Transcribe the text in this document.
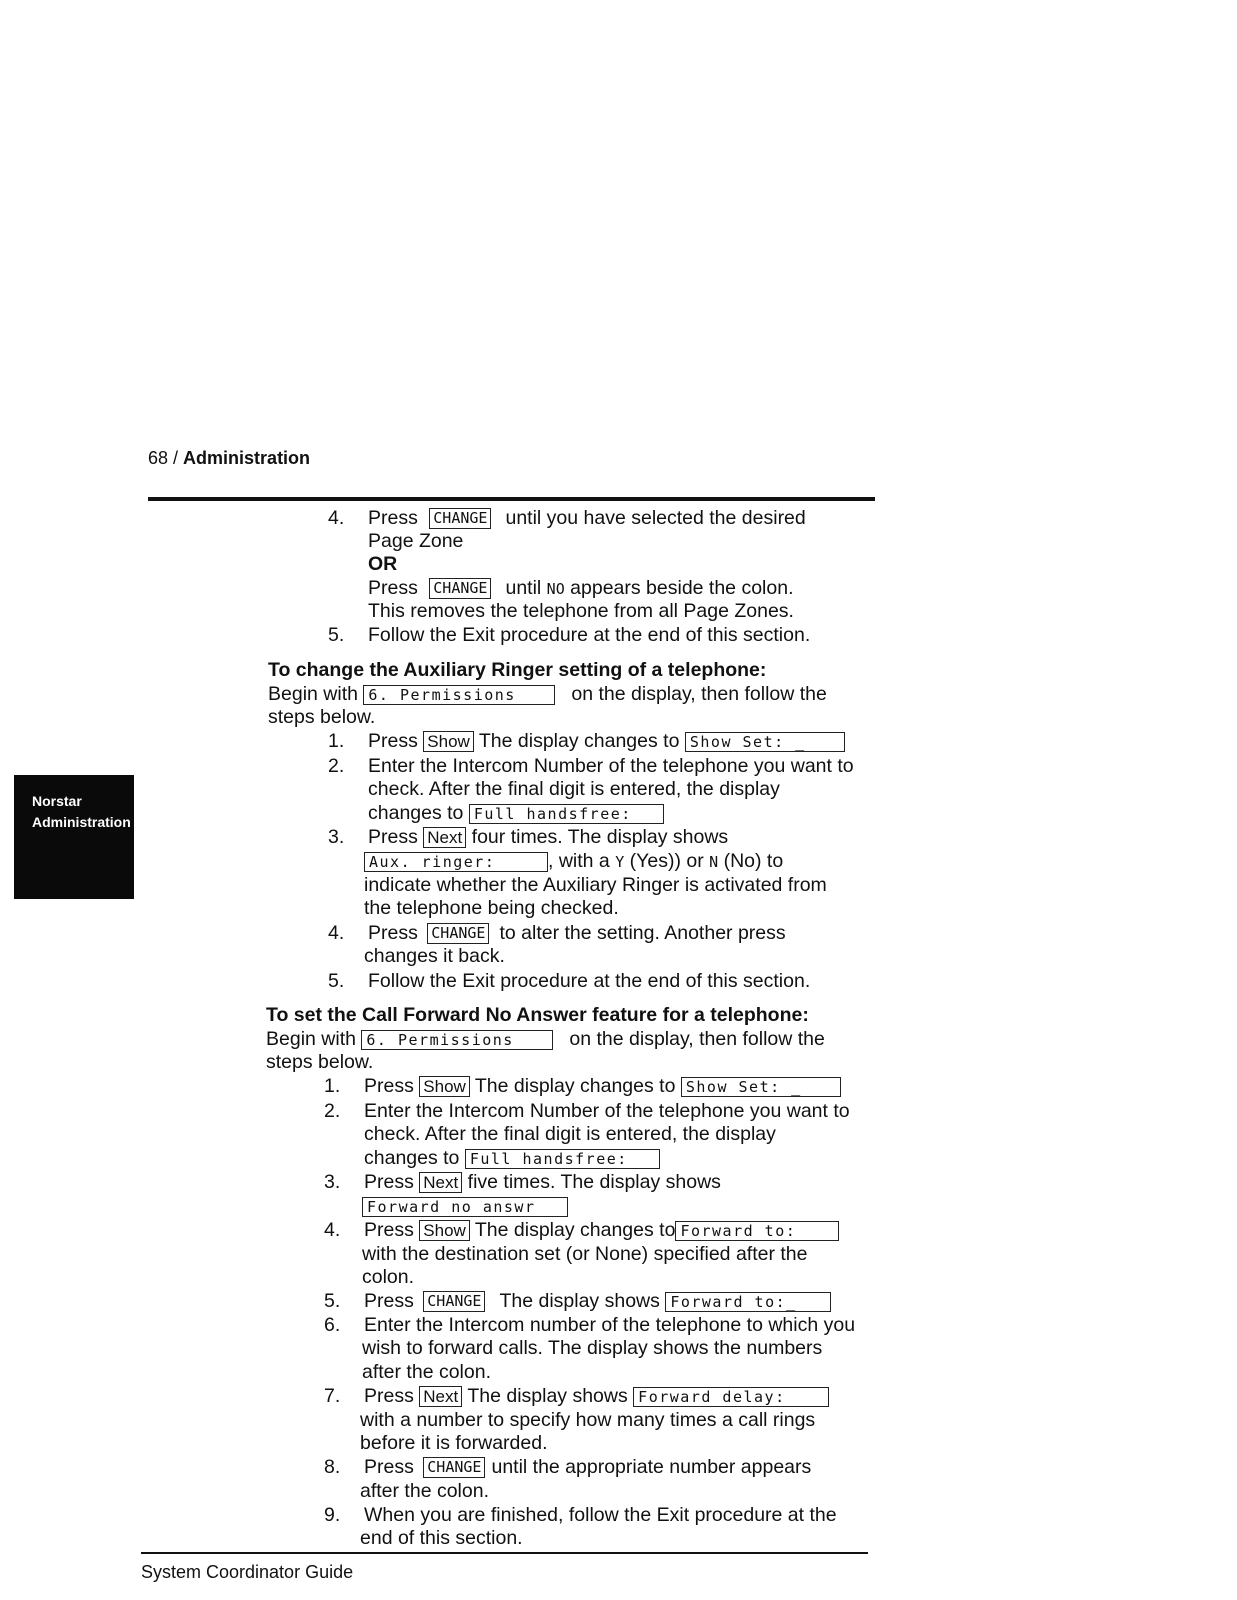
68 / Administration
Norstar
Administration
4. Press CHANGE until you have selected the desired
Page Zone
OR
Press CHANGE until NO appears beside the colon.
This removes the telephone from all Page Zones.
5. Follow the Exit procedure at the end of this section.
To change the Auxiliary Ringer setting of a telephone:
Begin with 6. Permissions	on the display, then follow the
steps below.
1. Press Show The display changes to Show Set: _
2. Enter the Intercom Number of the telephone you want to
check. After the final digit is entered, the display
changes to Full handsfree:
3. Press Next four times. The display shows
Aux. ringer:	, with a Y (Yes)) or N (No) to
indicate whether the Auxiliary Ringer is activated from
the telephone being checked.
4. Press CHANGE to alter the setting. Another press
changes it back.
5. Follow the Exit procedure at the end of this section.
To set the Call Forward No Answer feature for a telephone:
Begin with 6. Permissions	on the display, then follow the
steps below.
1. Press Show The display changes to Show Set: _
2. Enter the Intercom Number of the telephone you want to
check. After the final digit is entered, the display
changes to Full handsfree:
3. Press Next five times. The display shows
Forward no answr
4. Press Show The display changes to Forward to:
with the destination set (or None) specified after the
colon.
5. Press CHANGE The display shows Forward to:_
6. Enter the Intercom number of the telephone to which you
wish to forward calls. The display shows the numbers
after the colon.
7. Press Next The display shows Forward delay:
with a number to specify how many times a call rings
before it is forwarded.
8. Press CHANGE until the appropriate number appears
after the colon.
9. When you are finished, follow the Exit procedure at the
end of this section.
System Coordinator Guide
